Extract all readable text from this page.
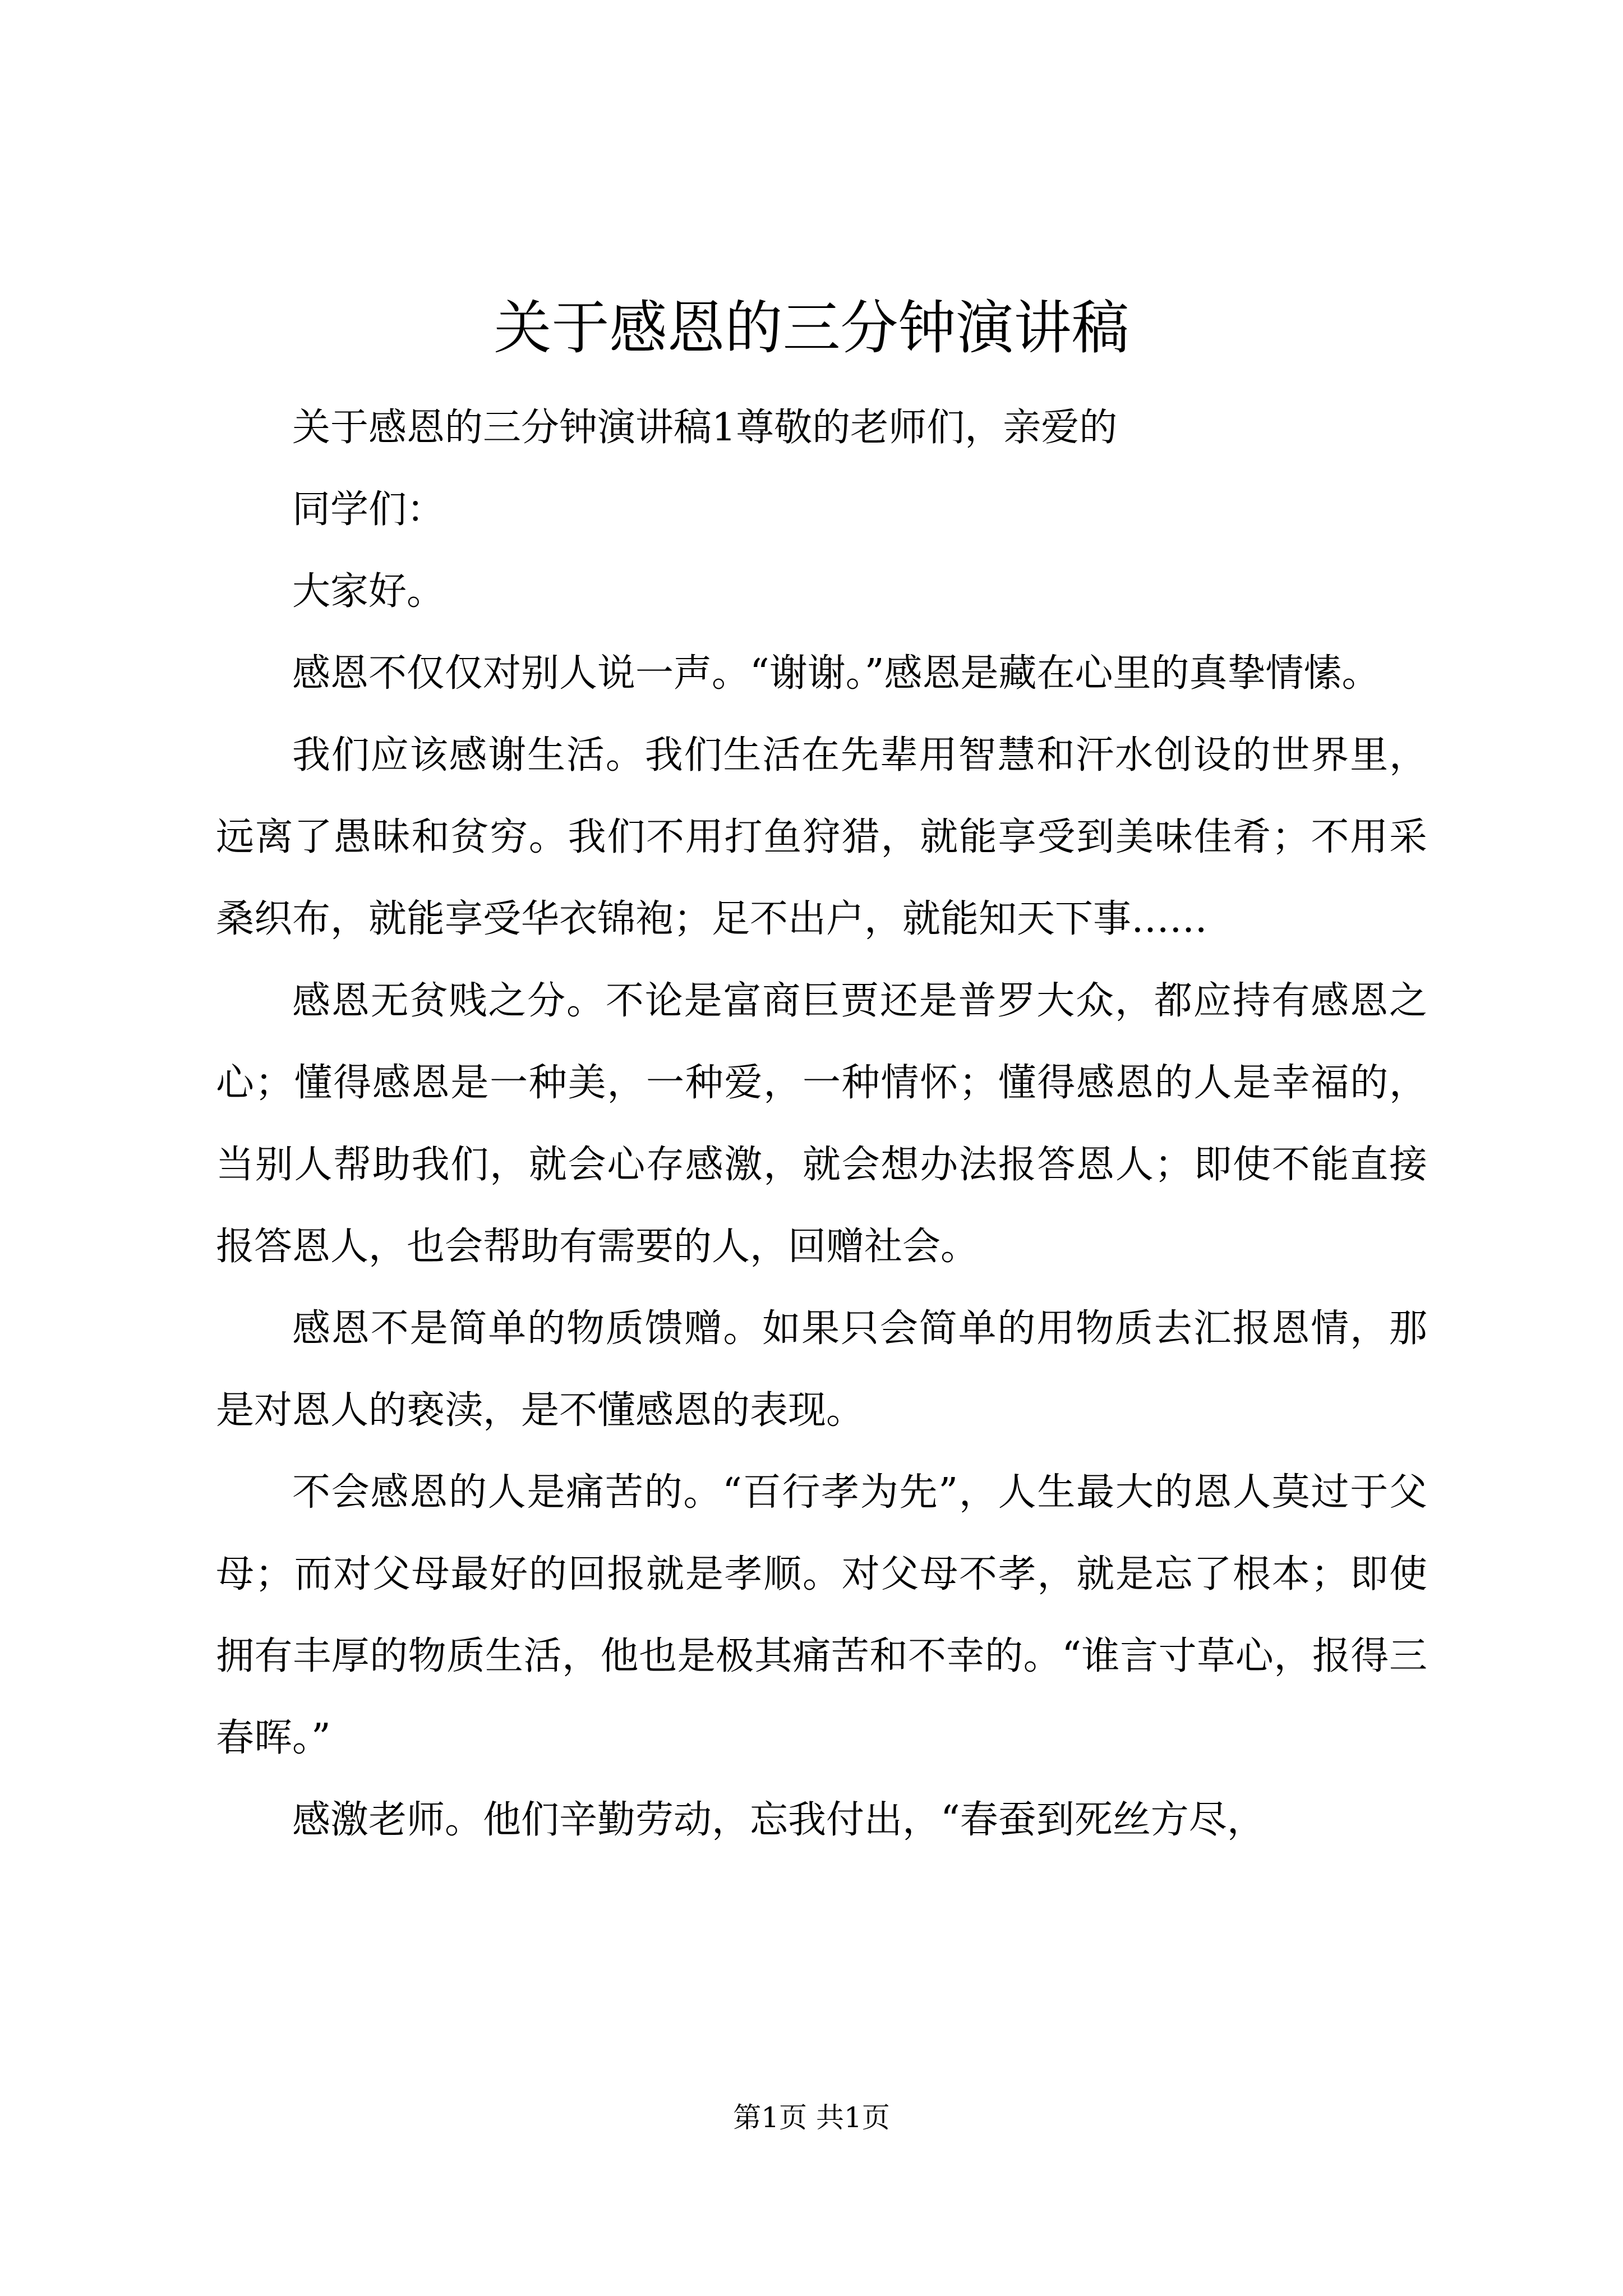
关于感恩的三分钟演讲稿

关于感恩的三分钟演讲稿1尊敬的老师们，亲爱的

同学们：

大家好。

感恩不仅仅对别人说一声。“谢谢。”感恩是藏在心里的真挚情愫。

我们应该感谢生活。我们生活在先辈用智慧和汗水创设的世界里，远离了愚昧和贫穷。我们不用打鱼狩猎，就能享受到美味佳肴；不用采桑织布，就能享受华衣锦袍；足不出户，就能知天下事……

感恩无贫贱之分。不论是富商巨贾还是普罗大众，都应持有感恩之心；懂得感恩是一种美，一种爱，一种情怀；懂得感恩的人是幸福的，当别人帮助我们，就会心存感激，就会想办法报答恩人；即使不能直接报答恩人，也会帮助有需要的人，回赠社会。

感恩不是简单的物质馈赠。如果只会简单的用物质去汇报恩情，那是对恩人的亵渎，是不懂感恩的表现。

不会感恩的人是痛苦的。“百行孝为先”，人生最大的恩人莫过于父母；而对父母最好的回报就是孝顺。对父母不孝，就是忘了根本；即使拥有丰厚的物质生活，他也是极其痛苦和不幸的。“谁言寸草心，报得三春晖。”

感激老师。他们辛勤劳动，忘我付出，“春蚕到死丝方尽，

第1页 共1页
